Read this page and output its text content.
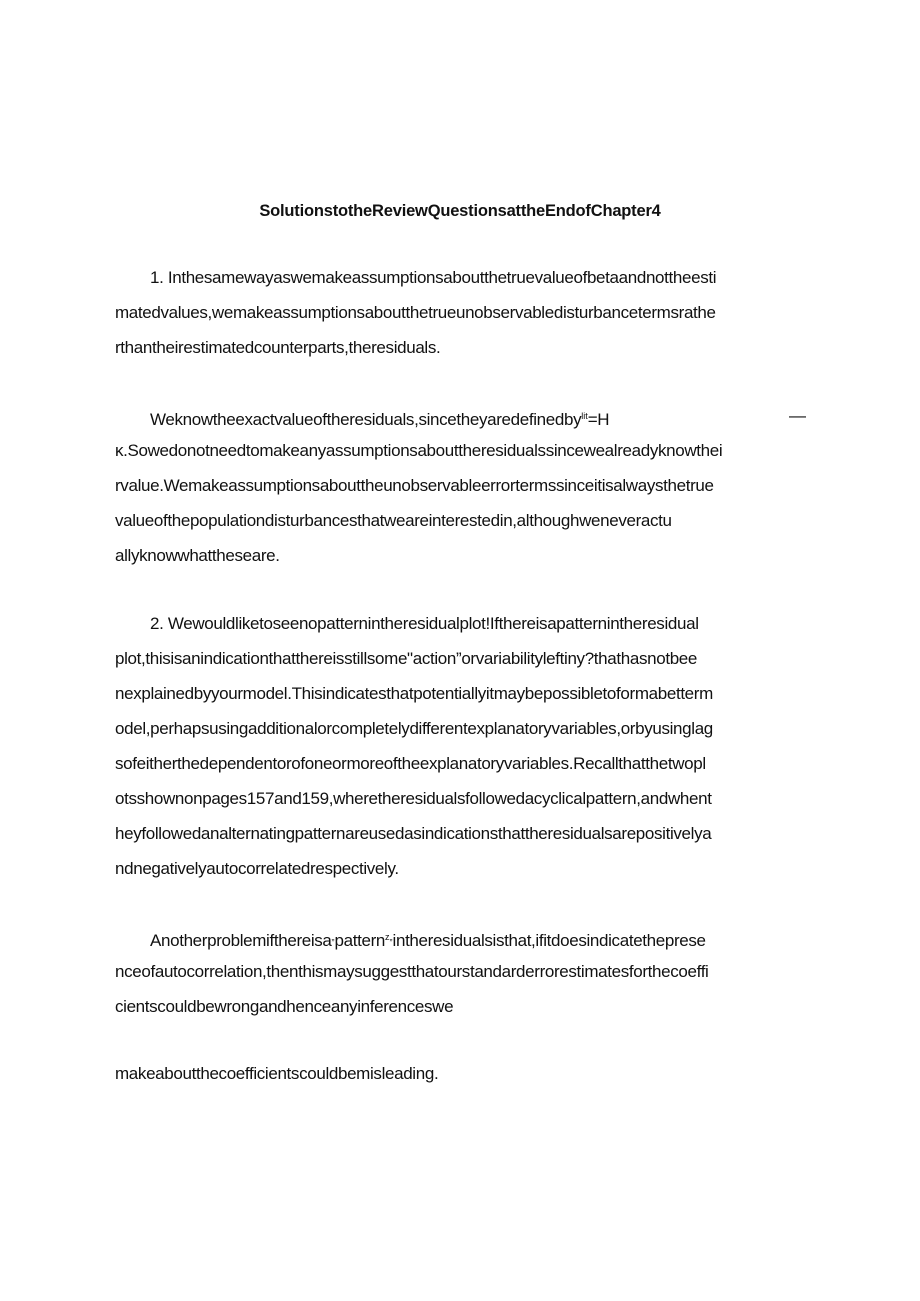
SolutionstotheReviewQuestionsattheEndofChapter4
1. Inthesamewayaswemakeassumptionsaboutthetruevalueofbetaandnottheesti
matedvalues,wemakeassumptionsaboutthetrueunobservabledisturbancetermsrathe
rthantheirestimatedcounterparts,theresiduals.
Weknowtheexactvalueoftheresiduals,sincetheyaredefinedby$^{lit}$=H	—
κ.Sowedonotneedtomakeanyassumptionsabouttheresidualssincewealreadyknowthei
rvalue.Wemakeassumptionsabouttheunobservableerrortermssinceitisalwaysthetrue
valueofthepopulationdisturbancesthatweareinterestedin,althoughweneveractu
allyknowwhattheseare.
2. Wewouldliketoseenopatternintheresidualplot!Ifthereisapatternintheresidual
plot,thisisanindicationthatthereisstillsome"action”orvariabilityleftiny?thathasnotbee
nexplainedbyyourmodel.Thisindicatesthatpotentiallyitmaybepossibletoformabetterm
odel,perhapsusingadditionalorcompletelydifferentexplanatoryvariables,orbyusinglag
sofeitherthedependentorofoneormoreoftheexplanatoryvariables.Recallthatthetwopl
otsshownonpages157and159,wheretheresidualsfollowedacyclicalpattern,andwhent
heyfollowedanalternatingpatternareusedasindicationsthattheresidualsarepositivelya
ndnegativelyautocorrelatedrespectively.
Anotherproblemifthereisa„pattern$^{z„}$intheresidualsisthat,ifitdoesindicatethepresе
nceofautocorrelation,thenthismaysuggestthatourstandarderrorestimatesforthecoeffi
cientscouldbewrongandhenceanyinferenceswe
makeaboutthecoefficientscouldbemisleading.
